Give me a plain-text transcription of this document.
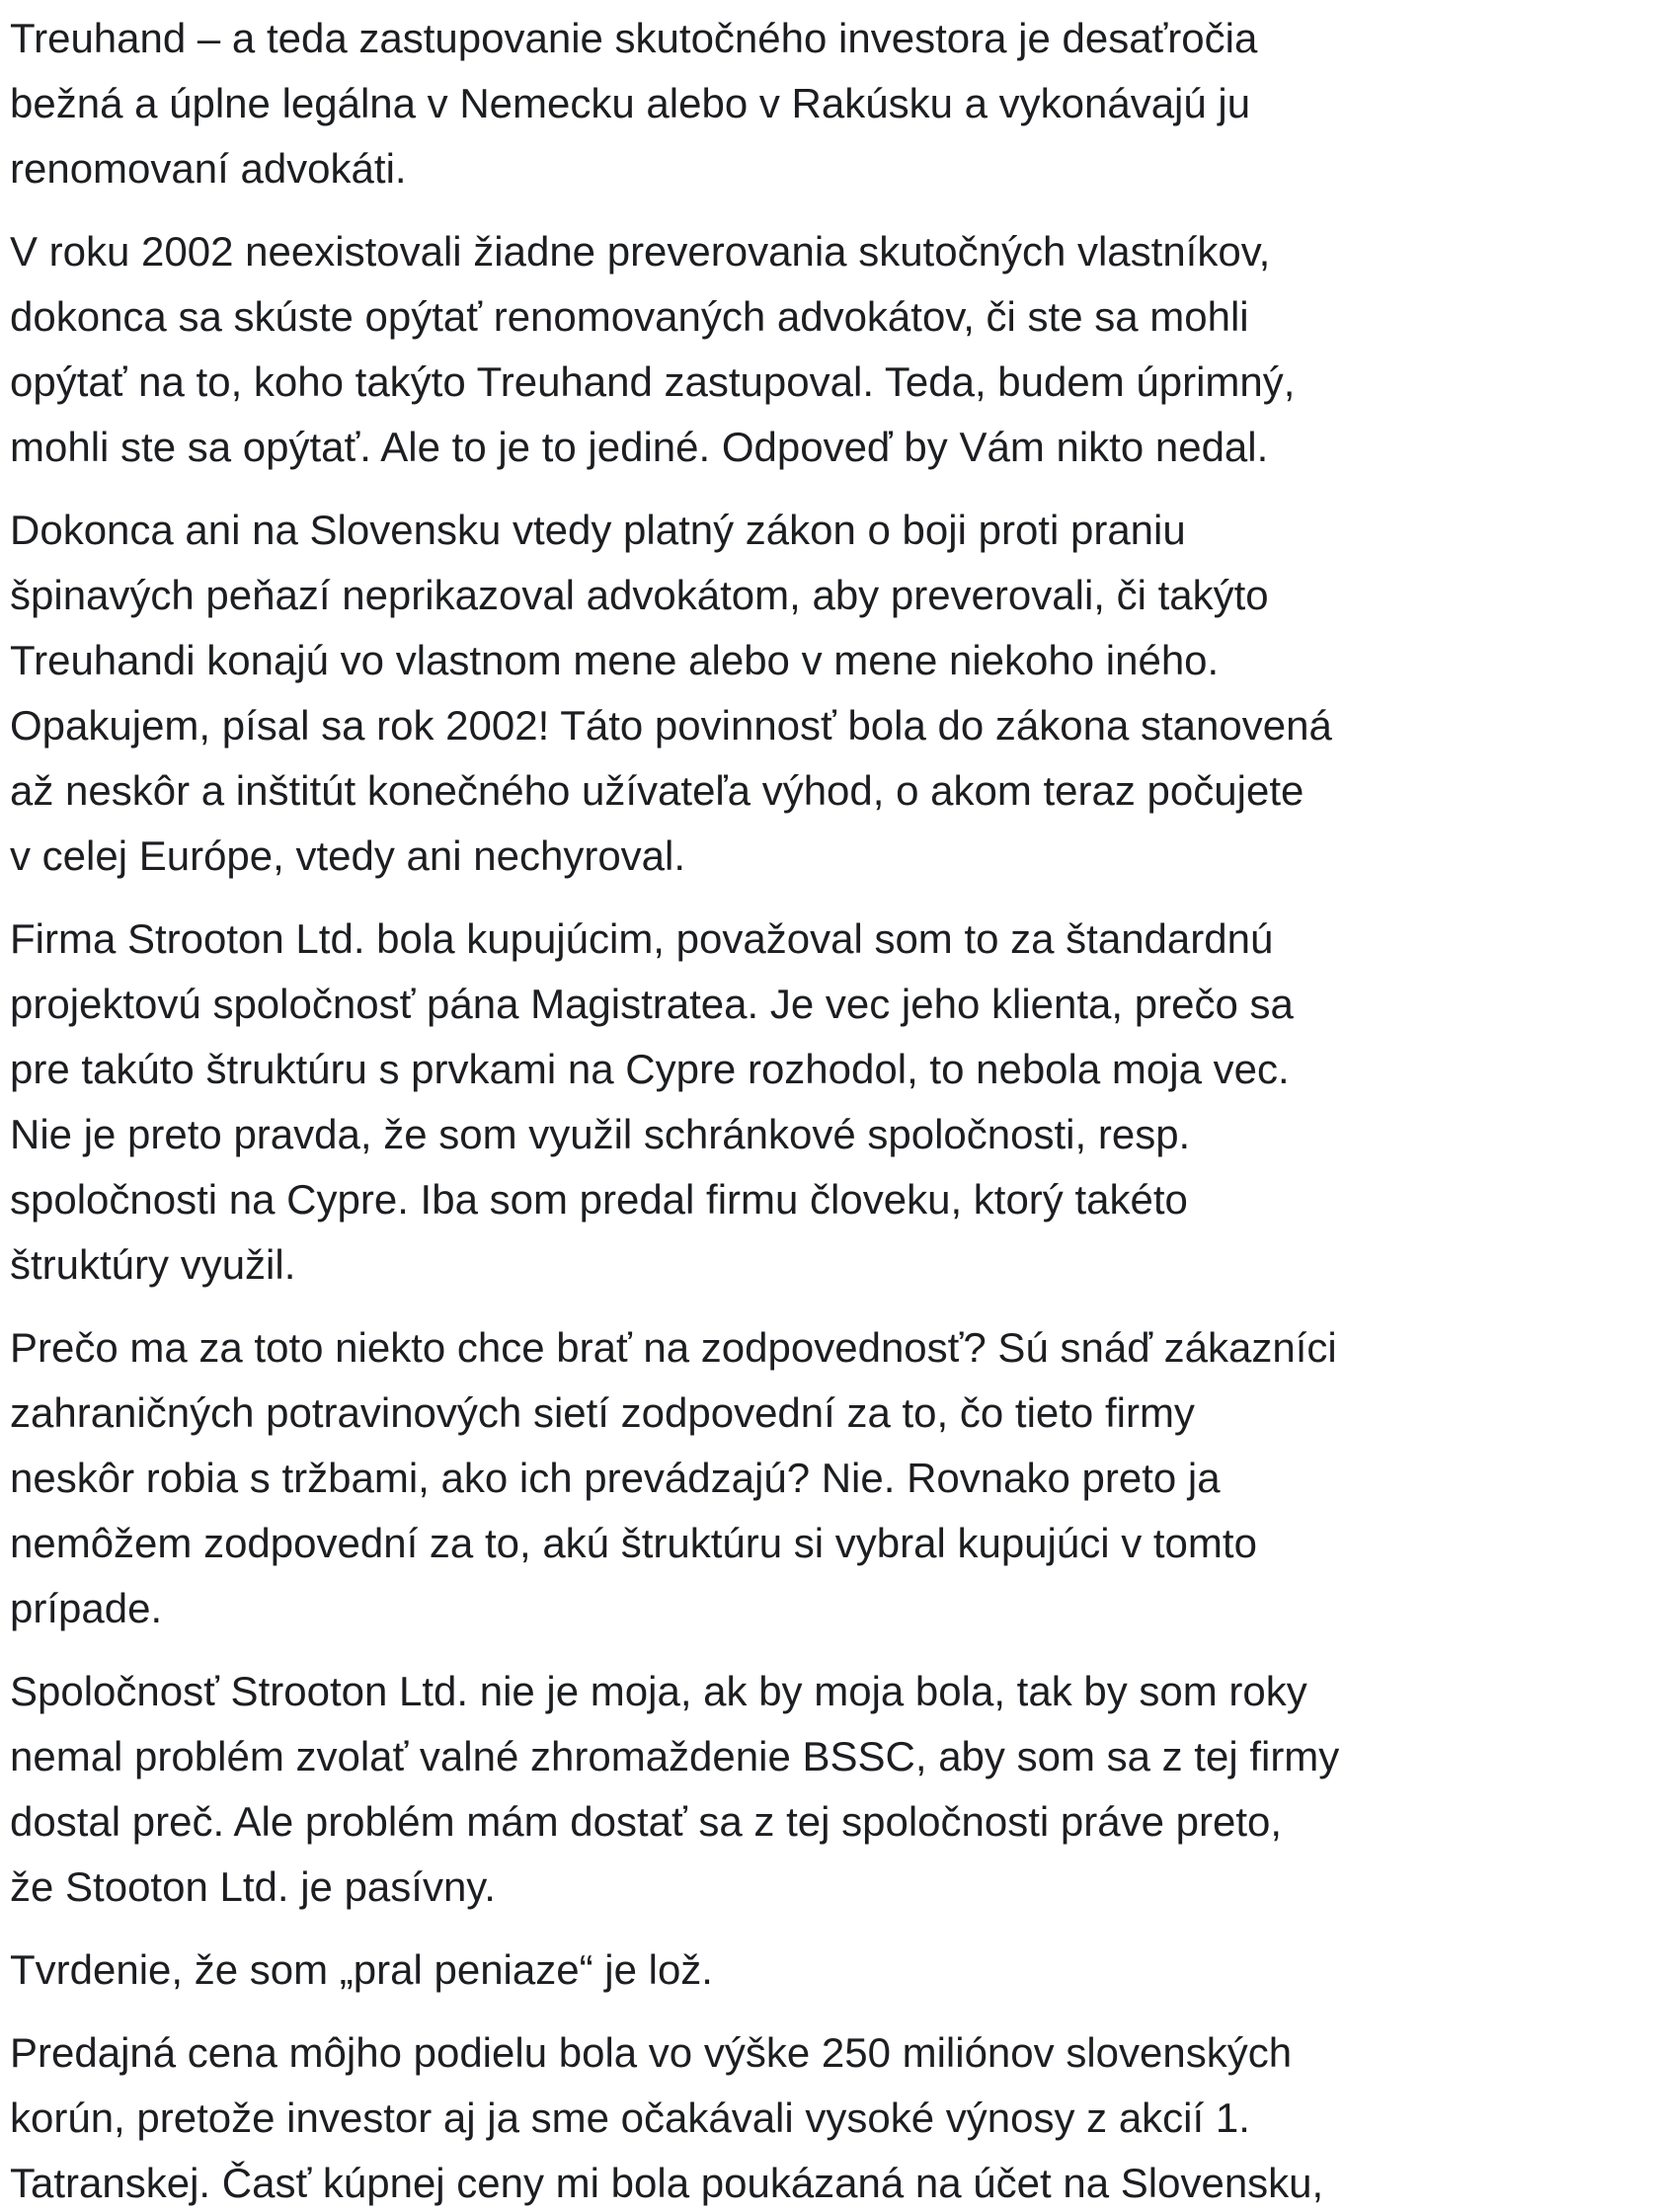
Treuhand – a teda zastupovanie skutočného investora je desaťročia
bežná a úplne legálna v Nemecku alebo v Rakúsku a vykonávajú ju
renomovaní advokáti.

V roku 2002 neexistovali žiadne preverovania skutočných vlastníkov,
dokonca sa skúste opýtať renomovaných advokátov, či ste sa mohli
opýtať na to, koho takýto Treuhand zastupoval. Teda, budem úprimný,
mohli ste sa opýtať. Ale to je to jediné. Odpoveď by Vám nikto nedal.

Dokonca ani na Slovensku vtedy platný zákon o boji proti praniu
špinavých peňazí neprikazoval advokátom, aby preverovali, či takýto
Treuhandi konajú vo vlastnom mene alebo v mene niekoho iného.
Opakujem, písal sa rok 2002! Táto povinnosť bola do zákona stanovená
až neskôr a inštitút konečného užívateľa výhod, o akom teraz počujete
v celej Európe, vtedy ani nechyroval.

Firma Strooton Ltd. bola kupujúcim, považoval som to za štandardnú
projektovú spoločnosť pána Magistratea. Je vec jeho klienta, prečo sa
pre takúto štruktúru s prvkami na Cypre rozhodol, to nebola moja vec.
Nie je preto pravda, že som využil schránkové spoločnosti, resp.
spoločnosti na Cypre. Iba som predal firmu človeku, ktorý takéto
štruktúry využil.

Prečo ma za toto niekto chce brať na zodpovednosť? Sú snáď zákazníci
zahraničných potravinových sietí zodpovední za to, čo tieto firmy
neskôr robia s tržbami, ako ich prevádzajú? Nie. Rovnako preto ja
nemôžem zodpovední za to, akú štruktúru si vybral kupujúci v tomto
prípade.

Spoločnosť Strooton Ltd. nie je moja, ak by moja bola, tak by som roky
nemal problém zvolať valné zhromaždenie BSSC, aby som sa z tej firmy
dostal preč. Ale problém mám dostať sa z tej spoločnosti práve preto,
že Stooton Ltd. je pasívny.

Tvrdenie, že som „pral peniaze“ je lož.

Predajná cena môjho podielu bola vo výške 250 miliónov slovenských
korún, pretože investor aj ja sme očakávali vysoké výnosy z akcií 1.
Tatranskej. Časť kúpnej ceny mi bola poukázaná na účet na Slovensku,
